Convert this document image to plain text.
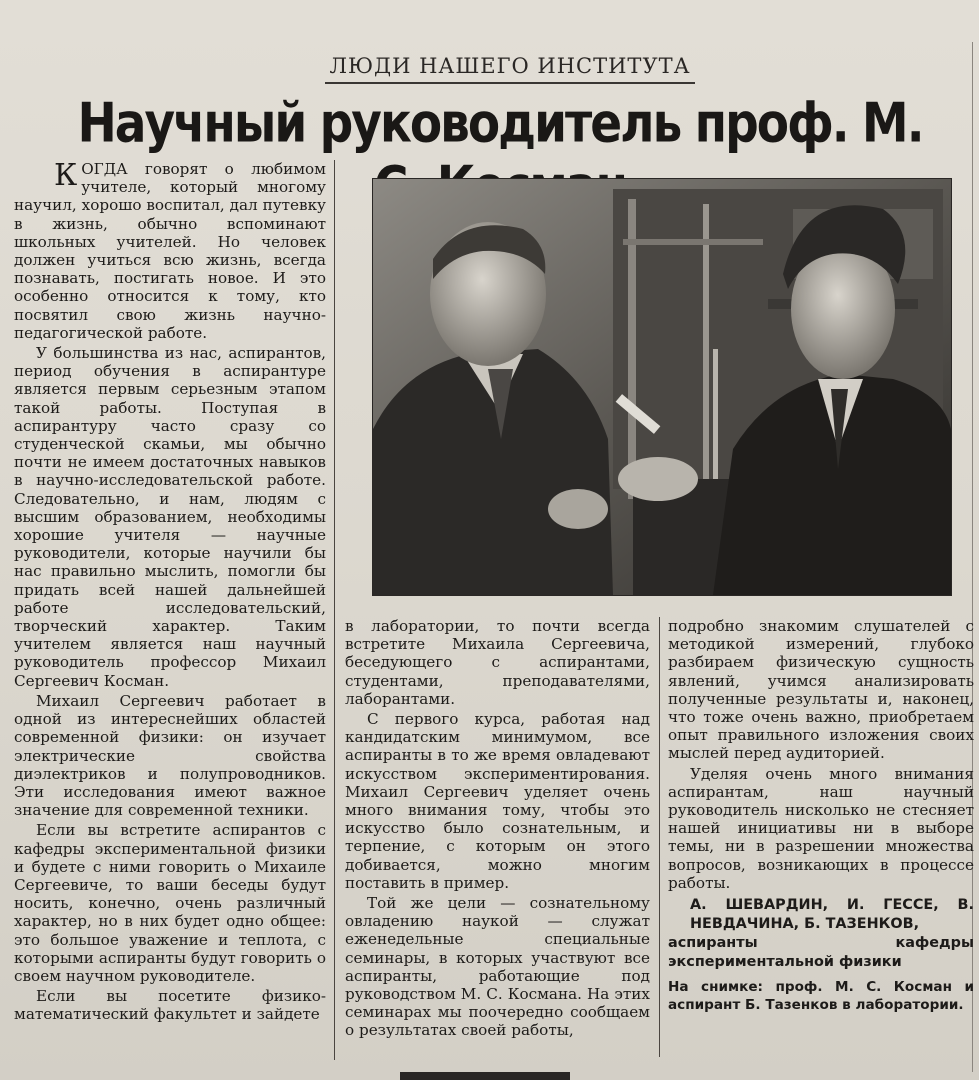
ЛЮДИ НАШЕГО ИНСТИТУТА
Научный руководитель проф. М.

КОГДА говорят о любимом учителе, который многому научил, хорошо воспитал, дал путевку в жизнь, обычно вспоминают школьных учителей. Но человек должен учиться всю жизнь, всегда познавать, постигать новое. И это особенно относится к тому, кто посвятил свою жизнь научно-педагогической работе.

У большинства из нас, аспирантов, период обучения в аспирантуре является первым серьезным этапом такой работы. Поступая в аспирантуру часто сразу со студенческой скамьи, мы обычно почти не имеем достаточных навыков в научно-исследовательской работе. Следовательно, и нам, людям с высшим образованием, необходимы хорошие учителя — научные руководители, которые научили бы нас правильно мыслить, помогли бы придать всей нашей дальнейшей работе исследовательский, творческий характер. Таким учителем является наш научный руководитель профессор Михаил Сергеевич Косман.

Михаил Сергеевич работает в одной из интереснейших областей современной физики: он изучает электрические свойства диэлектриков и полупроводников. Эти исследования имеют важное значение для современной техники.

Если вы встретите аспирантов с кафедры экспериментальной физики и будете с ними говорить о Михаиле Сергеевиче, то ваши беседы будут носить, конечно, очень различный характер, но в них будет одно общее: это большое уважение и теплота, с которыми аспиранты будут говорить о своем научном руководителе.

Если вы посетите физико-математический факультет и зайдете

в лаборатории, то почти всегда встретите Михаила Сергеевича, беседующего с аспирантами, студентами, преподавателями, лаборантами.

С первого курса, работая над кандидатским минимумом, все аспиранты в то же время овладевают искусством экспериментирования. Михаил Сергеевич уделяет очень много внимания тому, чтобы это искусство было сознательным, и терпение, с которым он этого добивается, можно многим поставить в пример.

Той же цели — сознательному овладению наукой — служат еженедельные специальные семинары, в которых участвуют все аспиранты, работающие под руководством М. С. Космана. На этих семинарах мы поочередно сообщаем о результатах своей работы,

подробно знакомим слушателей с методикой измерений, глубоко разбираем физическую сущность явлений, учимся анализировать полученные результаты и, наконец, что тоже очень важно, приобретаем опыт правильного изложения своих мыслей перед аудиторией.

Уделяя очень много внимания аспирантам, наш научный руководитель нисколько не стесняет нашей инициативы ни в выборе темы, ни в разрешении множества вопросов, возникающих в процессе работы.

А. ШЕВАРДИН, И. ГЕССЕ, В. НЕВДАЧИНА, Б. ТАЗЕНКОВ,
аспиранты кафедры экспериментальной физики
На снимке: проф. М. С. Косман и аспирант Б. Тазенков в лаборатории.
